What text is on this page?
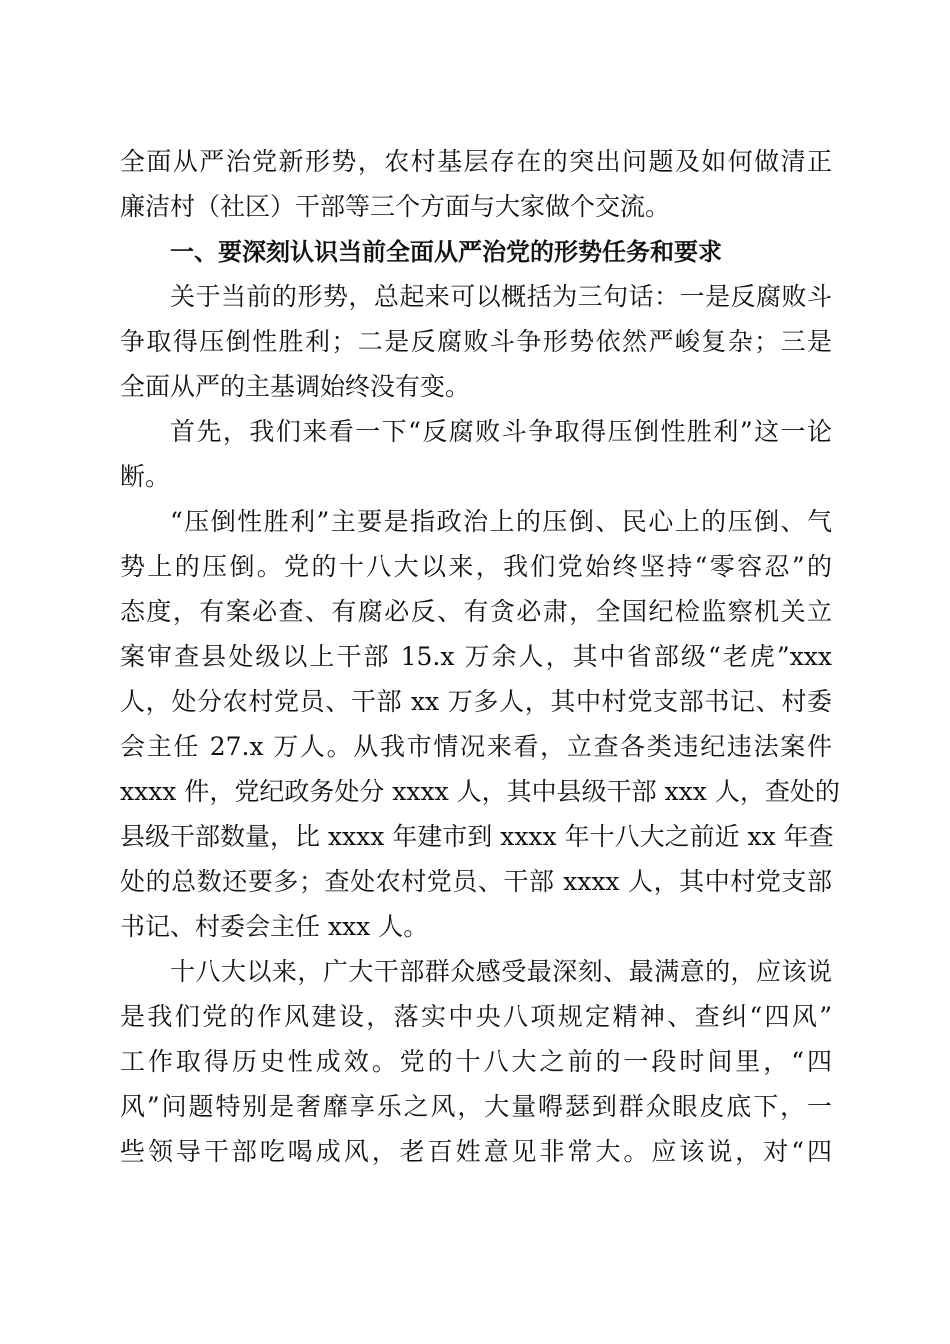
全面从严治党新形势，农村基层存在的突出问题及如何做清正
廉洁村（社区）干部等三个方面与大家做个交流。
一、要深刻认识当前全面从严治党的形势任务和要求
关于当前的形势，总起来可以概括为三句话：一是反腐败斗
争取得压倒性胜利；二是反腐败斗争形势依然严峻复杂；三是
全面从严的主基调始终没有变。
首先，我们来看一下“反腐败斗争取得压倒性胜利”这一论
断。
“压倒性胜利”主要是指政治上的压倒、民心上的压倒、气
势上的压倒。党的十八大以来，我们党始终坚持“零容忍”的
态度，有案必查、有腐必反、有贪必肃，全国纪检监察机关立
案审查县处级以上干部 15.x 万余人，其中省部级“老虎”xxx
人，处分农村党员、干部 xx 万多人，其中村党支部书记、村委
会主任 27.x 万人。从我市情况来看，立查各类违纪违法案件
xxxx 件，党纪政务处分 xxxx 人，其中县级干部 xxx 人，查处的
县级干部数量，比 xxxx 年建市到 xxxx 年十八大之前近 xx 年查
处的总数还要多；查处农村党员、干部 xxxx 人，其中村党支部
书记、村委会主任 xxx 人。
十八大以来，广大干部群众感受最深刻、最满意的，应该说
是我们党的作风建设，落实中央八项规定精神、查纠“四风”
工作取得历史性成效。党的十八大之前的一段时间里，“四
风”问题特别是奢靡享乐之风，大量嘚瑟到群众眼皮底下，一
些领导干部吃喝成风，老百姓意见非常大。应该说，对“四
